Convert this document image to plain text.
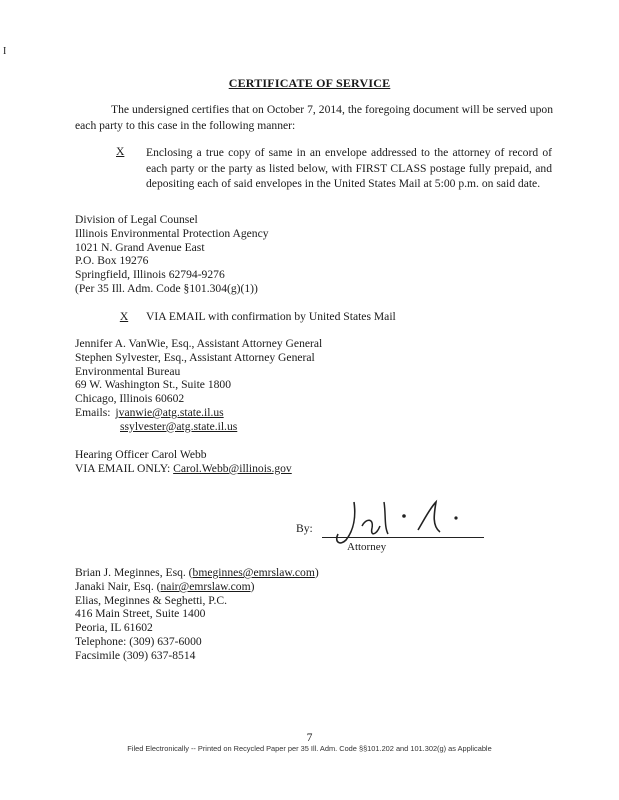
I
CERTIFICATE OF SERVICE
The undersigned certifies that on October 7, 2014, the foregoing document will be served upon each party to this case in the following manner:
X	Enclosing a true copy of same in an envelope addressed to the attorney of record of each party or the party as listed below, with FIRST CLASS postage fully prepaid, and depositing each of said envelopes in the United States Mail at 5:00 p.m. on said date.
Division of Legal Counsel
Illinois Environmental Protection Agency
1021 N. Grand Avenue East
P.O. Box 19276
Springfield, Illinois 62794-9276
(Per 35 Ill. Adm. Code §101.304(g)(1))
X VIA EMAIL with confirmation by United States Mail
Jennifer A. VanWie, Esq., Assistant Attorney General
Stephen Sylvester, Esq., Assistant Attorney General
Environmental Bureau
69 W. Washington St., Suite 1800
Chicago, Illinois 60602
Emails: jvanwie@atg.state.il.us
ssylvester@atg.state.il.us
Hearing Officer Carol Webb
VIA EMAIL ONLY: Carol.Webb@illinois.gov
By:
Attorney
Brian J. Meginnes, Esq. (bmeginnes@emrslaw.com)
Janaki Nair, Esq. (nair@emrslaw.com)
Elias, Meginnes & Seghetti, P.C.
416 Main Street, Suite 1400
Peoria, IL 61602
Telephone: (309) 637-6000
Facsimile (309) 637-8514
7
Filed Electronically -- Printed on Recycled Paper per 35 Ill. Adm. Code §§101.202 and 101.302(g) as Applicable
